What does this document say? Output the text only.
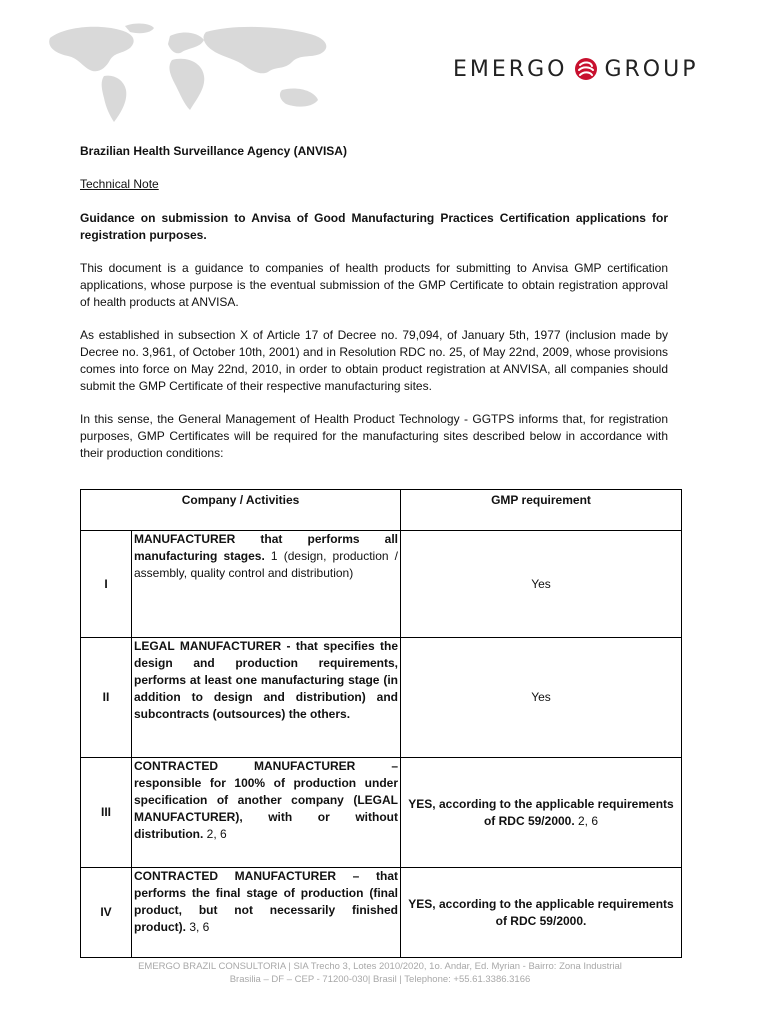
EMERGO GROUP

Brazilian Health Surveillance Agency (ANVISA)

Technical Note

Guidance on submission to Anvisa of Good Manufacturing Practices Certification applications for registration purposes.

This document is a guidance to companies of health products for submitting to Anvisa GMP certification applications, whose purpose is the eventual submission of the GMP Certificate to obtain registration approval of health products at ANVISA.

As established in subsection X of Article 17 of Decree no. 79,094, of January 5th, 1977 (inclusion made by Decree no. 3,961, of October 10th, 2001) and in Resolution RDC no. 25, of May 22nd, 2009, whose provisions comes into force on May 22nd, 2010, in order to obtain product registration at ANVISA, all companies should submit the GMP Certificate of their respective manufacturing sites.

In this sense, the General Management of Health Product Technology - GGTPS informs that, for registration purposes, GMP Certificates will be required for the manufacturing sites described below in accordance with their production conditions:

Company / Activities		GMP requirement
I	MANUFACTURER that performs all manufacturing stages. 1 (design, production / assembly, quality control and distribution)	Yes
II	LEGAL MANUFACTURER - that specifies the design and production requirements, performs at least one manufacturing stage (in addition to design and distribution) and subcontracts (outsources) the others.	Yes
III	CONTRACTED MANUFACTURER – responsible for 100% of production under specification of another company (LEGAL MANUFACTURER), with or without distribution. 2, 6	YES, according to the applicable requirements of RDC 59/2000. 2, 6
IV	CONTRACTED MANUFACTURER – that performs the final stage of production (final product, but not necessarily finished product). 3, 6	YES, according to the applicable requirements of RDC 59/2000.
EMERGO BRAZIL CONSULTORIA | SIA Trecho 3, Lotes 2010/2020, 1o. Andar, Ed. Myrian - Bairro: Zona Industrial
Brasilia – DF – CEP - 71200-030| Brasil | Telephone: +55.61.3386.3166
